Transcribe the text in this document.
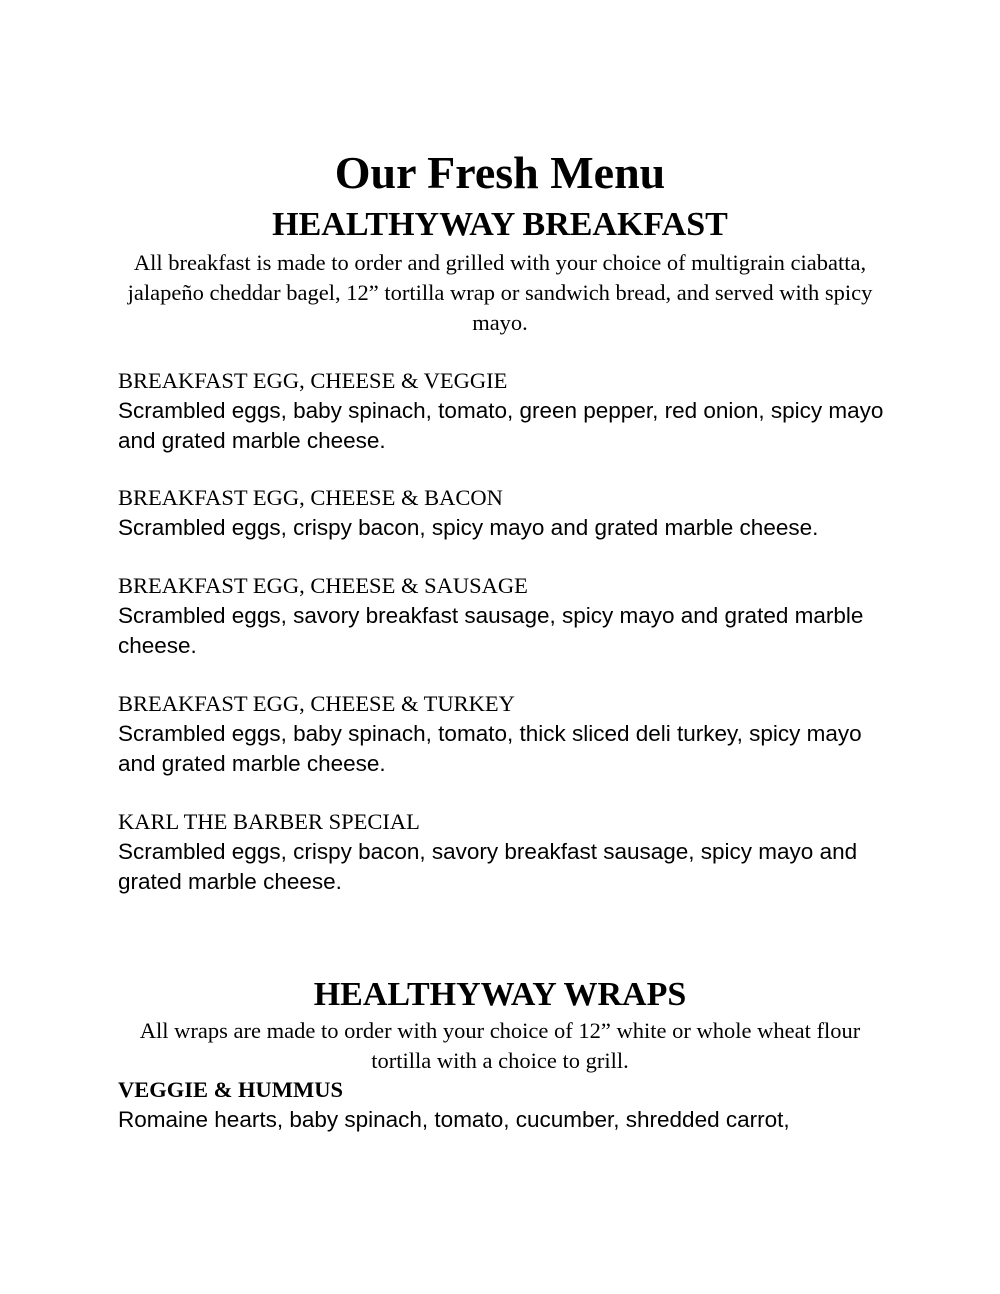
Our Fresh Menu
HEALTHYWAY BREAKFAST

All breakfast is made to order and grilled with your choice of multigrain ciabatta, jalapeño cheddar bagel, 12” tortilla wrap or sandwich bread, and served with spicy mayo.

BREAKFAST EGG, CHEESE & VEGGIE

Scrambled eggs, baby spinach, tomato, green pepper, red onion, spicy mayo and grated marble cheese.

BREAKFAST EGG, CHEESE & BACON

Scrambled eggs, crispy bacon, spicy mayo and grated marble cheese.

BREAKFAST EGG, CHEESE & SAUSAGE

Scrambled eggs, savory breakfast sausage, spicy mayo and grated marble cheese.

BREAKFAST EGG, CHEESE & TURKEY

Scrambled eggs, baby spinach, tomato, thick sliced deli turkey, spicy mayo and grated marble cheese.

KARL THE BARBER SPECIAL

Scrambled eggs, crispy bacon, savory breakfast sausage, spicy mayo and grated marble cheese.

HEALTHYWAY WRAPS

All wraps are made to order with your choice of 12” white or whole wheat flour tortilla with a choice to grill.

VEGGIE & HUMMUS

Romaine hearts, baby spinach, tomato, cucumber, shredded carrot,
